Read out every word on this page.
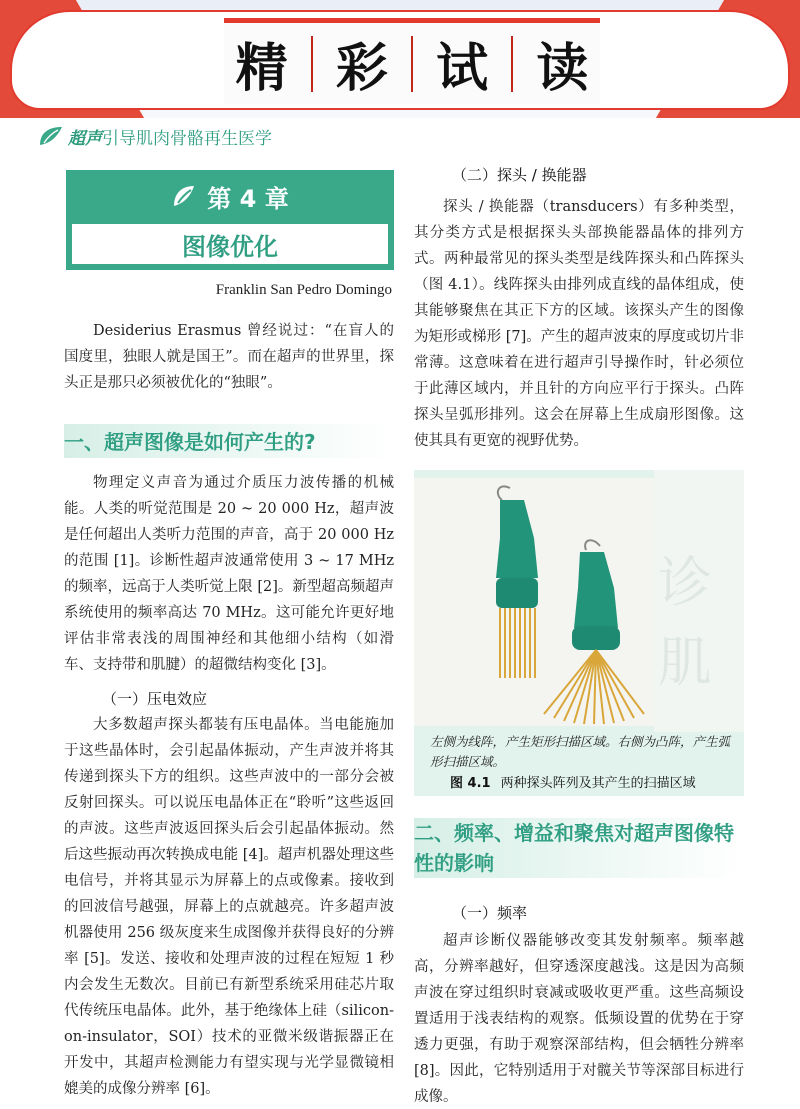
精 彩 试 读
超声引导肌肉骨骼再生医学
第 4 章
图像优化
Franklin San Pedro Domingo

Desiderius Erasmus 曾经说过：“在盲人的国度里，独眼人就是国王”。而在超声的世界里，探头正是那只必须被优化的“独眼”。

一、超声图像是如何产生的?

物理定义声音为通过介质压力波传播的机械能。人类的听觉范围是 20 ~ 20 000 Hz，超声波是任何超出人类听力范围的声音，高于 20 000 Hz 的范围 [1]。诊断性超声波通常使用 3 ~ 17 MHz 的频率，远高于人类听觉上限 [2]。新型超高频超声系统使用的频率高达 70 MHz。这可能允许更好地评估非常表浅的周围神经和其他细小结构（如滑车、支持带和肌腱）的超微结构变化 [3]。

（一）压电效应

大多数超声探头都装有压电晶体。当电能施加于这些晶体时，会引起晶体振动，产生声波并将其传递到探头下方的组织。这些声波中的一部分会被反射回探头。可以说压电晶体正在“聆听”这些返回的声波。这些声波返回探头后会引起晶体振动。然后这些振动再次转换成电能 [4]。超声机器处理这些电信号，并将其显示为屏幕上的点或像素。接收到的回波信号越强，屏幕上的点就越亮。许多超声波机器使用 256 级灰度来生成图像并获得良好的分辨率 [5]。发送、接收和处理声波的过程在短短 1 秒内会发生无数次。目前已有新型系统采用硅芯片取代传统压电晶体。此外，基于绝缘体上硅（silicon-on-insulator，SOI）技术的亚微米级谐振器正在开发中，其超声检测能力有望实现与光学显微镜相媲美的成像分辨率 [6]。

（二）探头 / 换能器

探头 / 换能器（transducers）有多种类型，其分类方式是根据探头头部换能器晶体的排列方式。两种最常见的探头类型是线阵探头和凸阵探头（图 4.1）。线阵探头由排列成直线的晶体组成，使其能够聚焦在其正下方的区域。该探头产生的图像为矩形或梯形 [7]。产生的超声波束的厚度或切片非常薄。这意味着在进行超声引导操作时，针必须位于此薄区域内，并且针的方向应平行于探头。凸阵探头呈弧形排列。这会在屏幕上生成扇形图像。这使其具有更宽的视野优势。

诊
肌
左侧为线阵，产生矩形扫描区域。右侧为凸阵，产生弧形扫描区域。
图 4.1 两种探头阵列及其产生的扫描区域
二、频率、增益和聚焦对超声图像特性的影响
（一）频率

超声诊断仪器能够改变其发射频率。频率越高，分辨率越好，但穿透深度越浅。这是因为高频声波在穿过组织时衰减或吸收更严重。这些高频设置适用于浅表结构的观察。低频设置的优势在于穿透力更强，有助于观察深部结构，但会牺牲分辨率 [8]。因此，它特别适用于对髋关节等深部目标进行成像。
